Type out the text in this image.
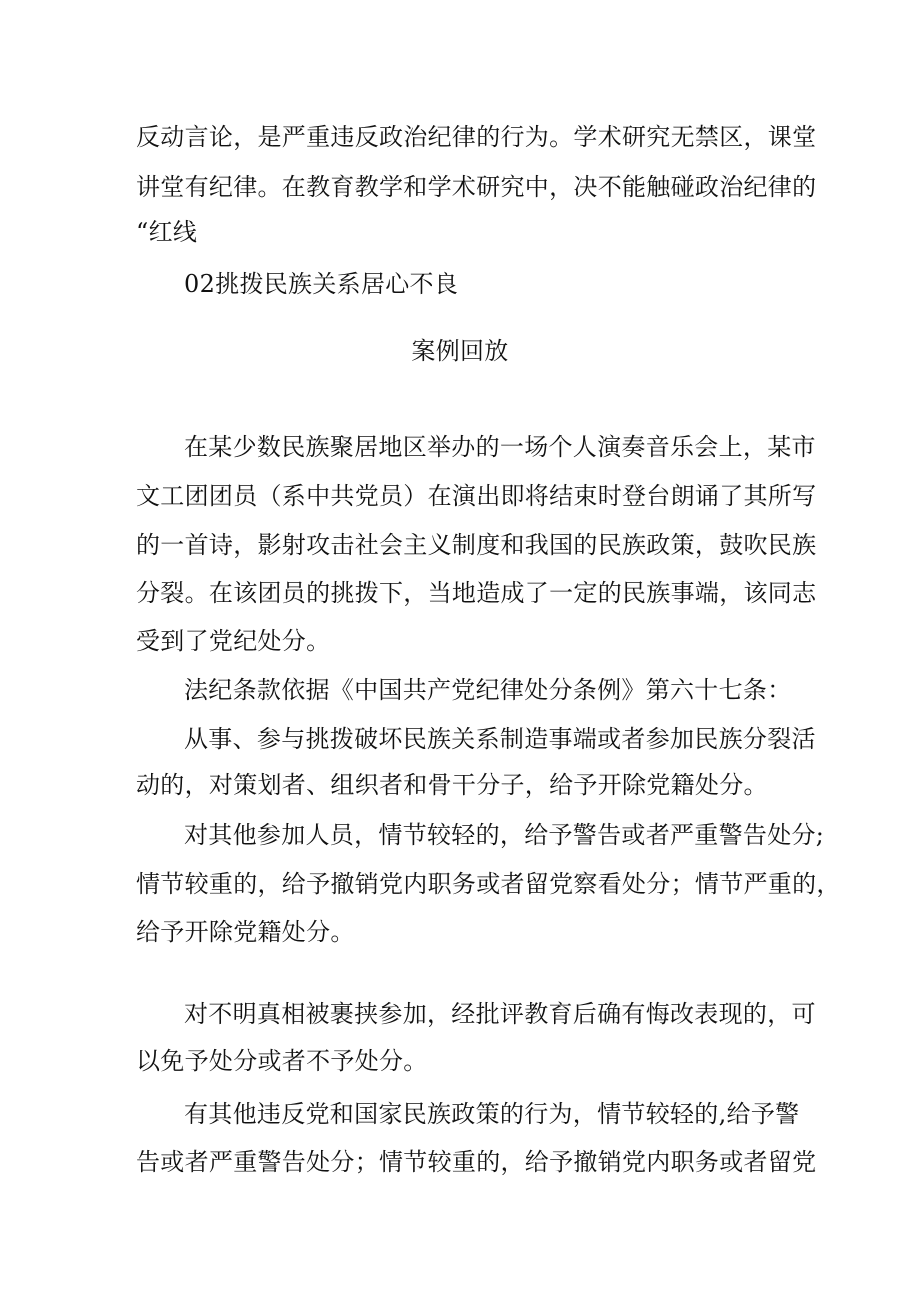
反动言论，是严重违反政治纪律的行为。学术研究无禁区，课堂
讲堂有纪律。在教育教学和学术研究中，决不能触碰政治纪律的
“红线
02挑拨民族关系居心不良
案例回放
在某少数民族聚居地区举办的一场个人演奏音乐会上，某市
文工团团员（系中共党员）在演出即将结束时登台朗诵了其所写
的一首诗，影射攻击社会主义制度和我国的民族政策，鼓吹民族
分裂。在该团员的挑拨下，当地造成了一定的民族事端，该同志
受到了党纪处分。
法纪条款依据《中国共产党纪律处分条例》第六十七条：
从事、参与挑拨破坏民族关系制造事端或者参加民族分裂活
动的，对策划者、组织者和骨干分子，给予开除党籍处分。
对其他参加人员，情节较轻的，给予警告或者严重警告处分;
情节较重的，给予撤销党内职务或者留党察看处分；情节严重的，
给予开除党籍处分。
对不明真相被裹挟参加，经批评教育后确有悔改表现的，可
以免予处分或者不予处分。
有其他违反党和国家民族政策的行为，情节较轻的,给予警
告或者严重警告处分；情节较重的，给予撤销党内职务或者留党
